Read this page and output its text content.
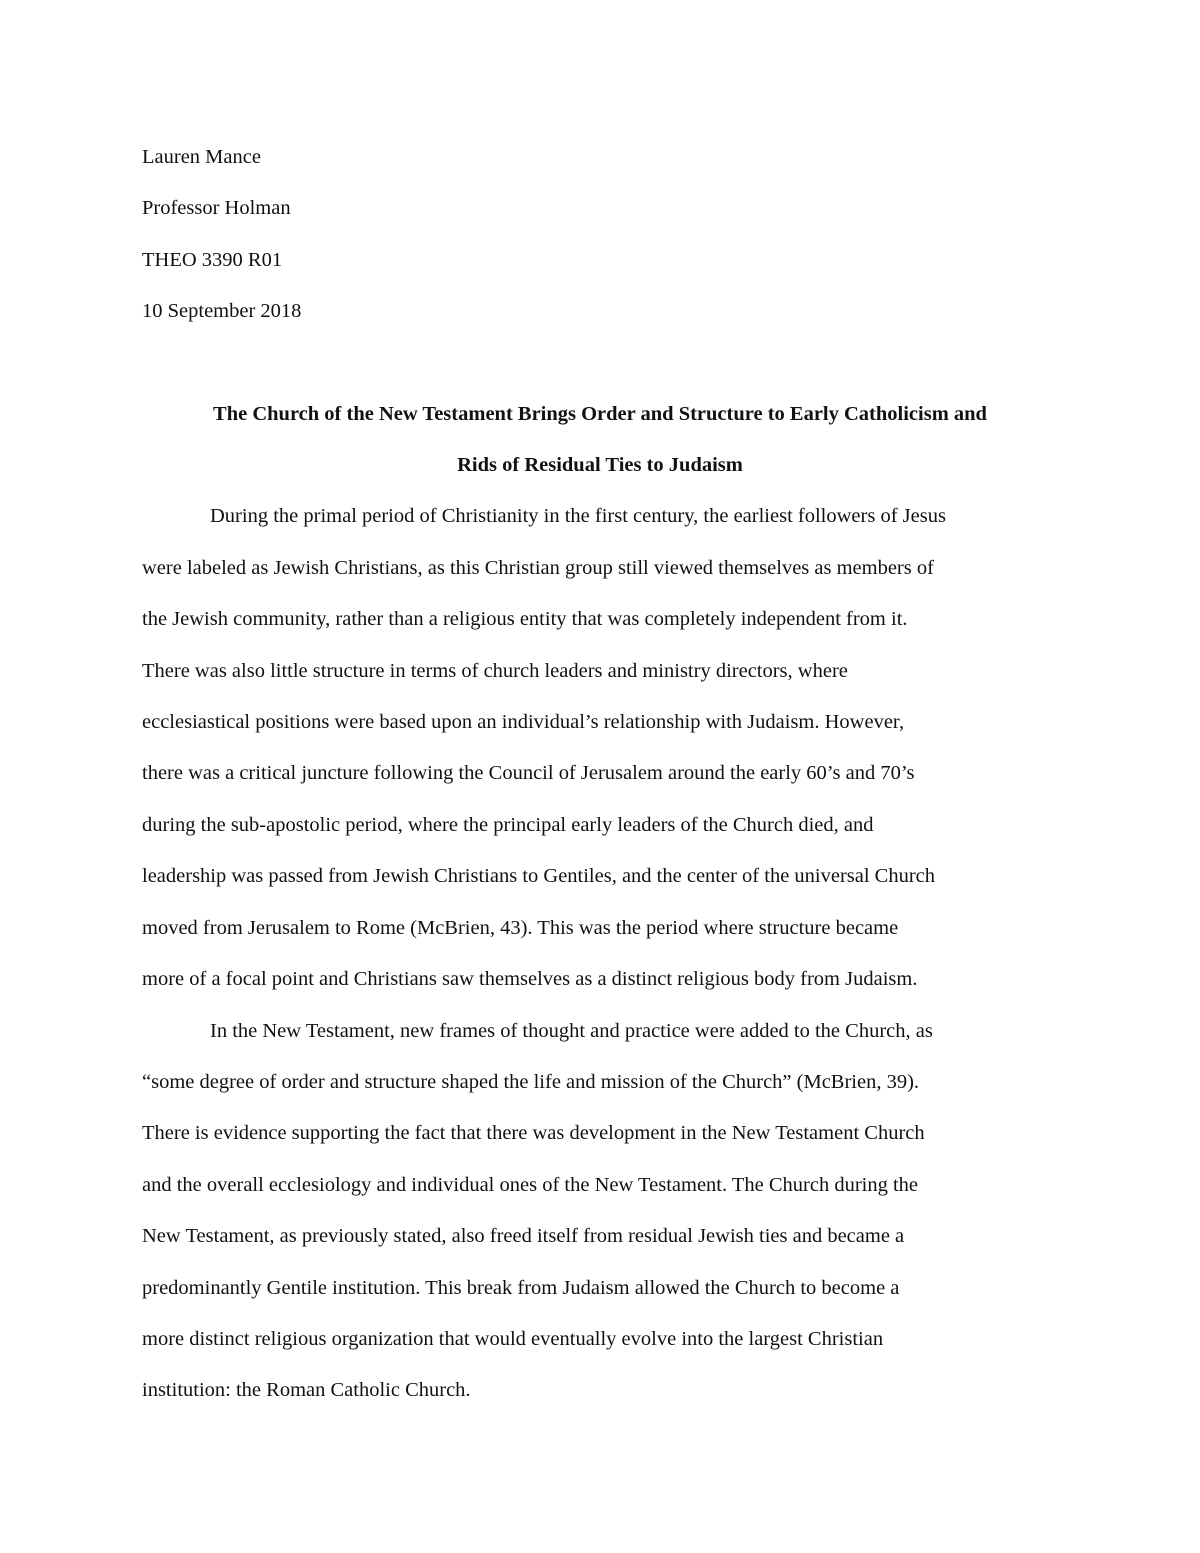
Lauren Mance

Professor Holman

THEO 3390 R01

10 September 2018

The Church of the New Testament Brings Order and Structure to Early Catholicism and
Rids of Residual Ties to Judaism

During the primal period of Christianity in the first century, the earliest followers of Jesus
were labeled as Jewish Christians, as this Christian group still viewed themselves as members of
the Jewish community, rather than a religious entity that was completely independent from it.
There was also little structure in terms of church leaders and ministry directors, where
ecclesiastical positions were based upon an individual’s relationship with Judaism. However,
there was a critical juncture following the Council of Jerusalem around the early 60’s and 70’s
during the sub-apostolic period, where the principal early leaders of the Church died, and
leadership was passed from Jewish Christians to Gentiles, and the center of the universal Church
moved from Jerusalem to Rome (McBrien, 43). This was the period where structure became
more of a focal point and Christians saw themselves as a distinct religious body from Judaism.

In the New Testament, new frames of thought and practice were added to the Church, as
“some degree of order and structure shaped the life and mission of the Church” (McBrien, 39).
There is evidence supporting the fact that there was development in the New Testament Church
and the overall ecclesiology and individual ones of the New Testament. The Church during the
New Testament, as previously stated, also freed itself from residual Jewish ties and became a
predominantly Gentile institution. This break from Judaism allowed the Church to become a
more distinct religious organization that would eventually evolve into the largest Christian
institution: the Roman Catholic Church.
